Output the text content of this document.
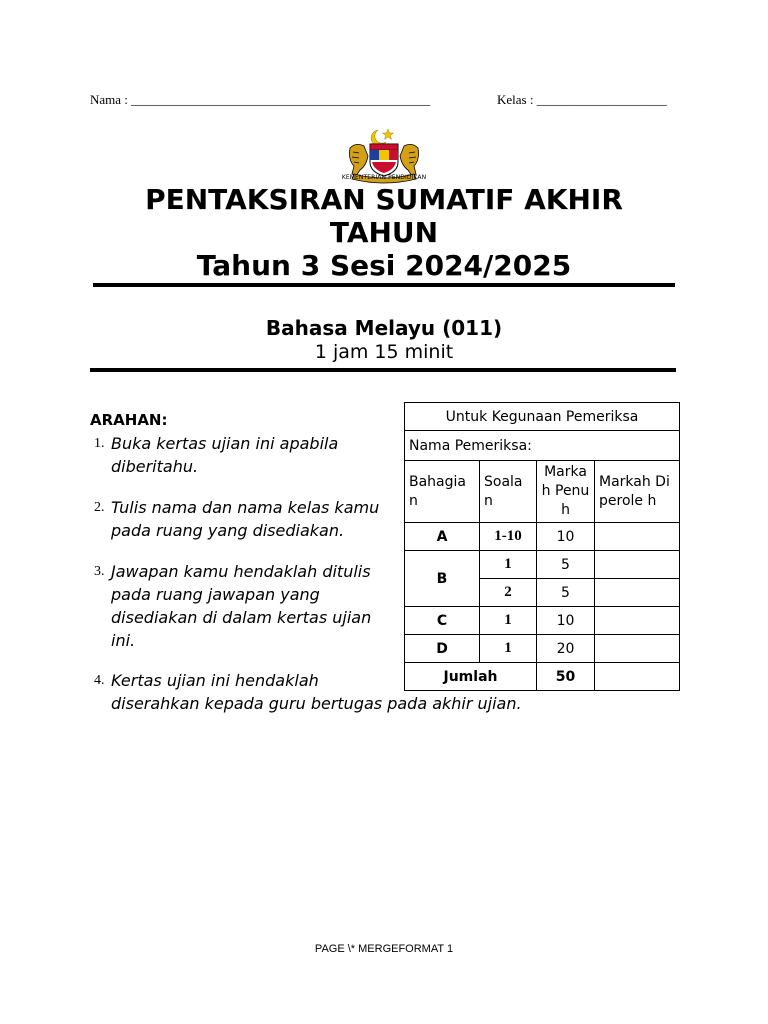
Nama : ______________________________________________	Kelas : ____________________
KEMENTERIAN PENDIDIKAN
PENTAKSIRAN SUMATIF AKHIR
TAHUN
Tahun 3 Sesi 2024/2025
Bahasa Melayu (011)
1 jam 15 minit
ARAHAN:
1. Buka kertas ujian ini apabila
diberitahu.
2. Tulis nama dan nama kelas kamu
pada ruang yang disediakan.
3. Jawapan kamu hendaklah ditulis
pada ruang jawapan yang
disediakan di dalam kertas ujian
ini.
4. Kertas ujian ini hendaklah
diserahkan kepada guru bertugas pada akhir ujian.
Untuk Kegunaan Pemeriksa			
Nama Pemeriksa:			
Bahagia n	Soala n	Marka h Penuh	Markah Diperole h
A	1-10	10	
B	1	5	
	2	5	
C	1	10	
D	1	20	
Jumlah		50	
PAGE \* MERGEFORMAT 1
